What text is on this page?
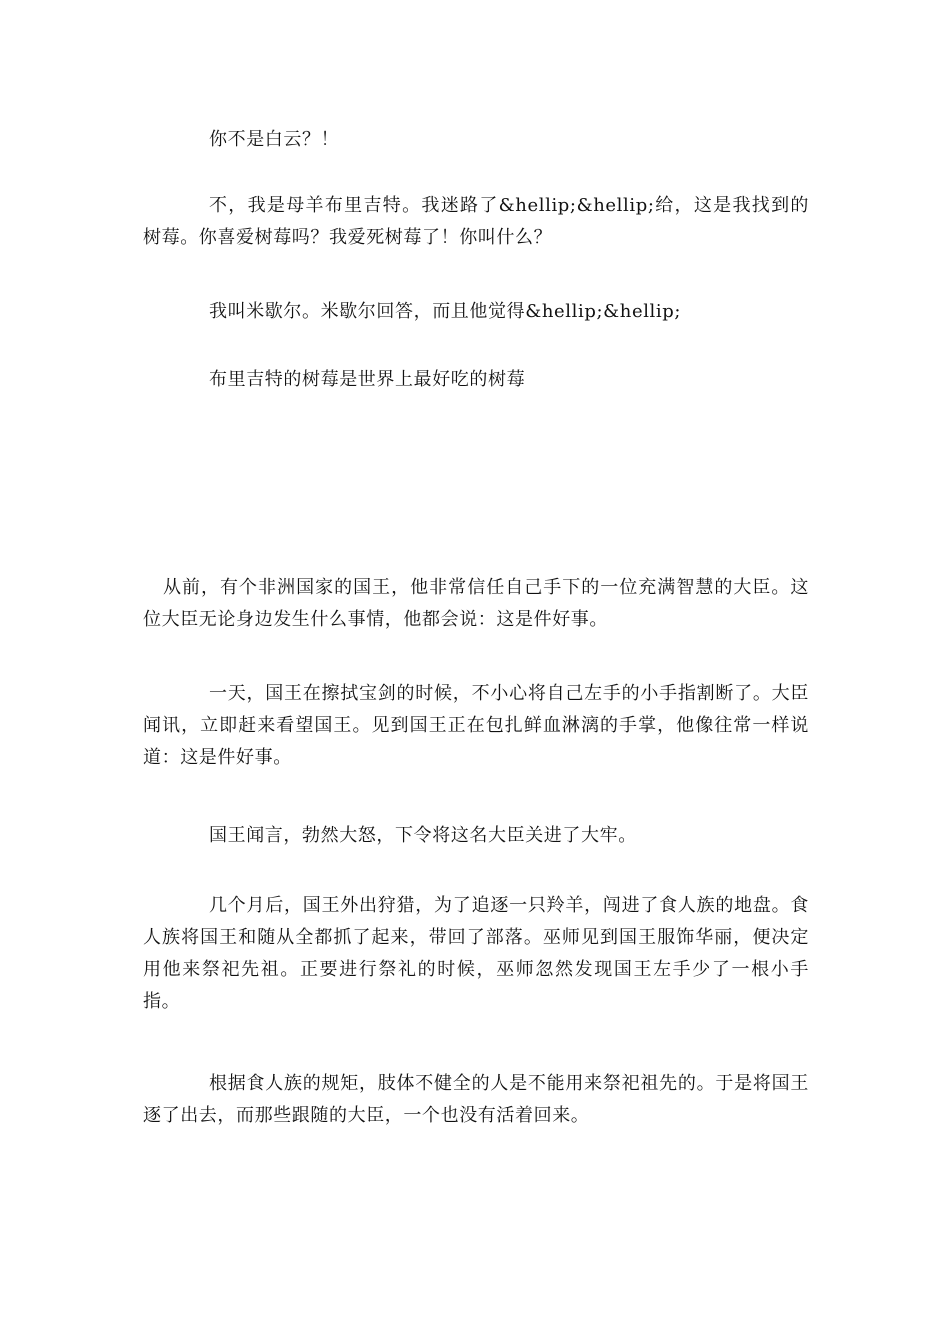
你不是白云？！

不，我是母羊布里吉特。我迷路了&hellip;&hellip;给，这是我找到的树莓。你喜爱树莓吗？我爱死树莓了！你叫什么？

我叫米歇尔。米歇尔回答，而且他觉得&hellip;&hellip;

布里吉特的树莓是世界上最好吃的树莓

从前，有个非洲国家的国王，他非常信任自己手下的一位充满智慧的大臣。这位大臣无论身边发生什么事情，他都会说：这是件好事。

一天，国王在擦拭宝剑的时候，不小心将自己左手的小手指割断了。大臣闻讯，立即赶来看望国王。见到国王正在包扎鲜血淋漓的手掌，他像往常一样说道：这是件好事。

国王闻言，勃然大怒，下令将这名大臣关进了大牢。

几个月后，国王外出狩猎，为了追逐一只羚羊，闯进了食人族的地盘。食人族将国王和随从全都抓了起来，带回了部落。巫师见到国王服饰华丽，便决定用他来祭祀先祖。正要进行祭礼的时候，巫师忽然发现国王左手少了一根小手指。

根据食人族的规矩，肢体不健全的人是不能用来祭祀祖先的。于是将国王逐了出去，而那些跟随的大臣，一个也没有活着回来。
